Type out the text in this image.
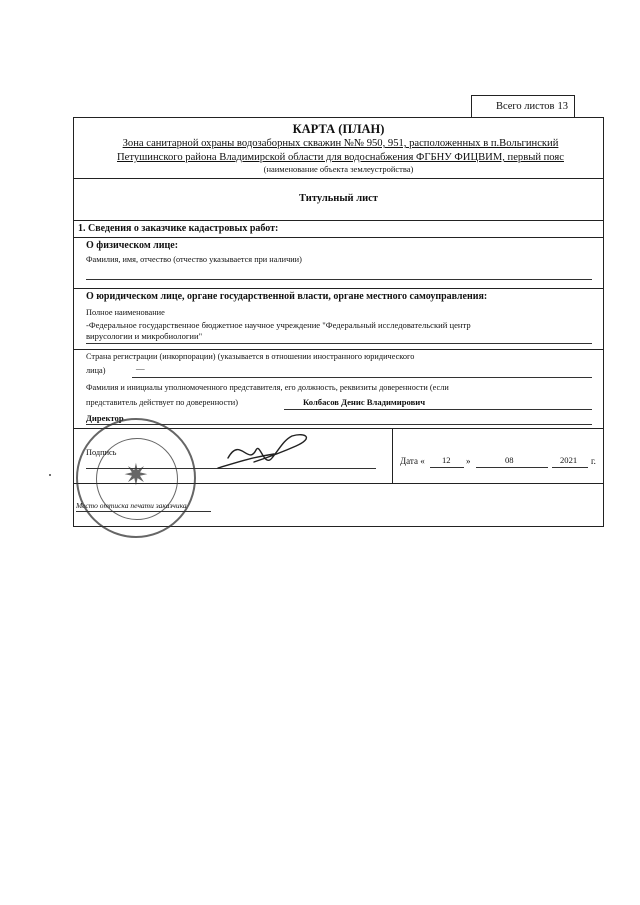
Всего листов 13
КАРТА (ПЛАН)
Зона санитарной охраны водозаборных скважин №№ 950, 951, расположенных в п.Вольгинский
Петушинского района Владимирской области для водоснабжения ФГБНУ ФИЦВИМ, первый пояс
(наименование объекта землеустройства)
Титульный лист
1. Сведения о заказчике кадастровых работ:
О физическом лице:
Фамилия, имя, отчество (отчество указывается при наличии)
О юридическом лице, органе государственной власти, органе местного самоуправления:
Полное наименование
-Федеральное государственное бюджетное научное учреждение "Федеральный исследовательский центр
вирусологии и микробиологии"
Страна регистрации (инкорпорации) (указывается в отношении иностранного юридического
лица)	—
Фамилия и инициалы уполномоченного представителя, его должность, реквизиты доверенности (если
представитель действует по доверенности)	Колбасов Денис Владимирович
Директор
Подпись
Дата « 12 »	08	2021 г.
Место оттиска печати заказчика
✷
